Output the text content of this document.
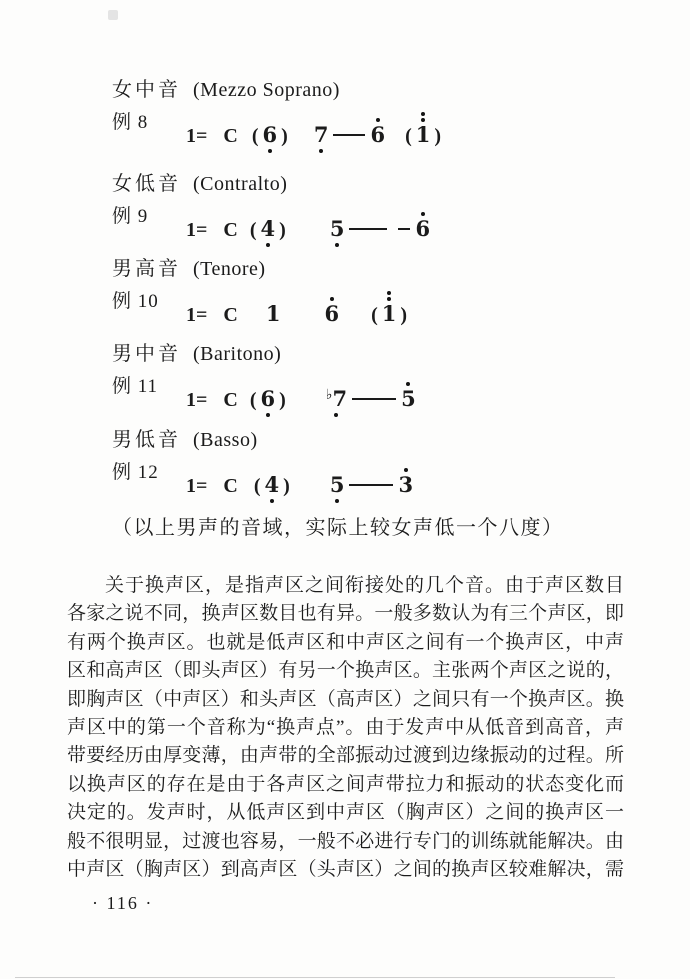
女中音 (Mezzo Soprano)
例 8
1= C ( 6 ) 7 6 ( 1 )
女低音 (Contralto)
例 9
1= C ( 4 ) 5	6
男高音 (Tenore)
例 10
1= C 1 6 ( 1 )
男中音 (Baritono)
例 11
1= C ( 6 )	♭7	5
男低音 (Basso)
例 12
1= C ( 4 ) 5	3
（以上男声的音域，实际上较女声低一个八度）
关于换声区，是指声区之间衔接处的几个音。由于声区数目
各家之说不同，换声区数目也有异。一般多数认为有三个声区，即
有两个换声区。也就是低声区和中声区之间有一个换声区，中声
区和高声区（即头声区）有另一个换声区。主张两个声区之说的，
即胸声区（中声区）和头声区（高声区）之间只有一个换声区。换
声区中的第一个音称为“换声点”。由于发声中从低音到高音，声
带要经历由厚变薄，由声带的全部振动过渡到边缘振动的过程。所
以换声区的存在是由于各声区之间声带拉力和振动的状态变化而
决定的。发声时，从低声区到中声区（胸声区）之间的换声区一
般不很明显，过渡也容易，一般不必进行专门的训练就能解决。由
中声区（胸声区）到高声区（头声区）之间的换声区较难解决，需
· 116 ·
